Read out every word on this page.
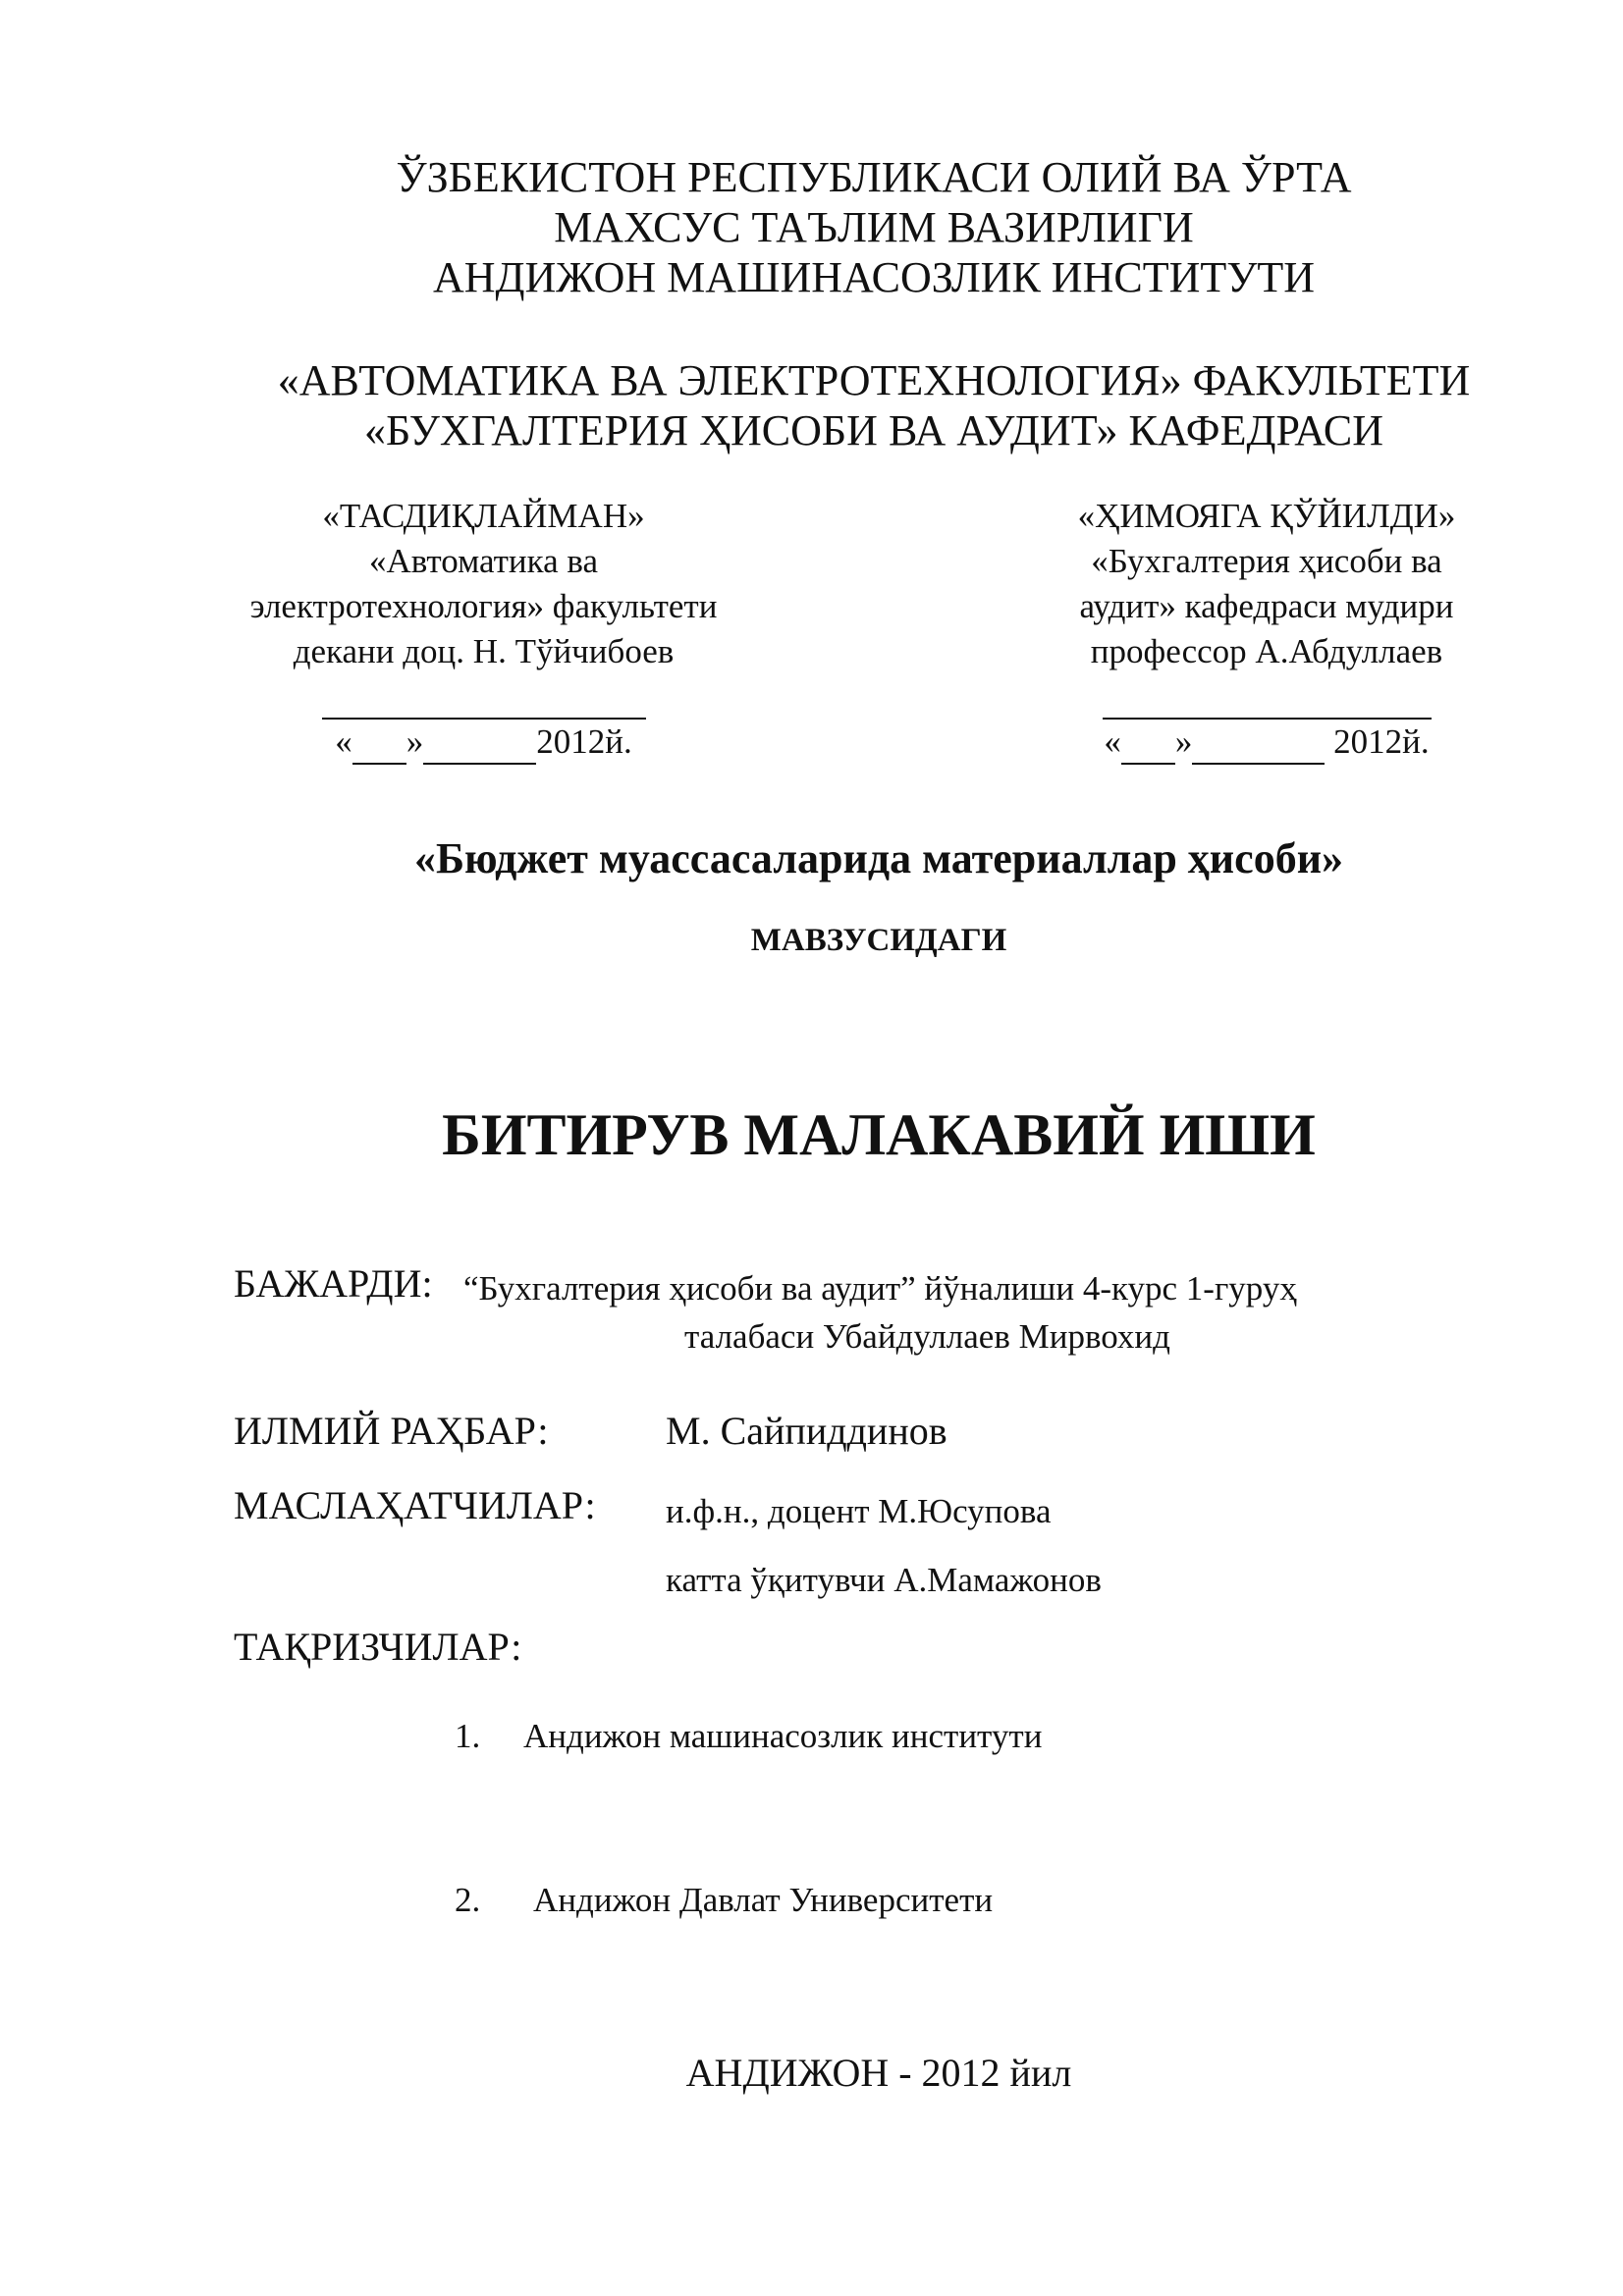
ЎЗБЕКИСТОН РЕСПУБЛИКАСИ ОЛИЙ ВА ЎРТА
МАХСУС ТАЪЛИМ ВАЗИРЛИГИ
АНДИЖОН МАШИНАСОЗЛИК ИНСТИТУТИ
«АВТОМАТИКА ВА ЭЛЕКТРОТЕХНОЛОГИЯ» ФАКУЛЬТЕТИ
«БУХГАЛТЕРИЯ ҲИСОБИ ВА АУДИТ» КАФЕДРАСИ
«ТАСДИҚЛАЙМАН»
«Автоматика ва
электротехнология» факультети
декани доц. Н. Тўйчибоев
« »	2012й.
«ҲИМОЯГА ҚЎЙИЛДИ»
«Бухгалтерия ҳисоби ва
аудит» кафедраси мудири
профессор А.Абдуллаев
« »	2012й.
«Бюджет муассасаларида материаллар ҳисоби»
МАВЗУСИДАГИ
БИТИРУВ МАЛАКАВИЙ ИШИ
БАЖАРДИ: “Бухгалтерия ҳисоби ва аудит” йўналиши 4-курс 1-гуруҳ
талабаси Убайдуллаев Мирвохид
ИЛМИЙ РАҲБАР:	М. Сайпиддинов
МАСЛАҲАТЧИЛАР: и.ф.н., доцент М.Юсупова
катта ўқитувчи А.Мамажонов
ТАҚРИЗЧИЛАР:
1. Андижон машинасозлик институти
2. Андижон Давлат Университети
АНДИЖОН - 2012 йил
